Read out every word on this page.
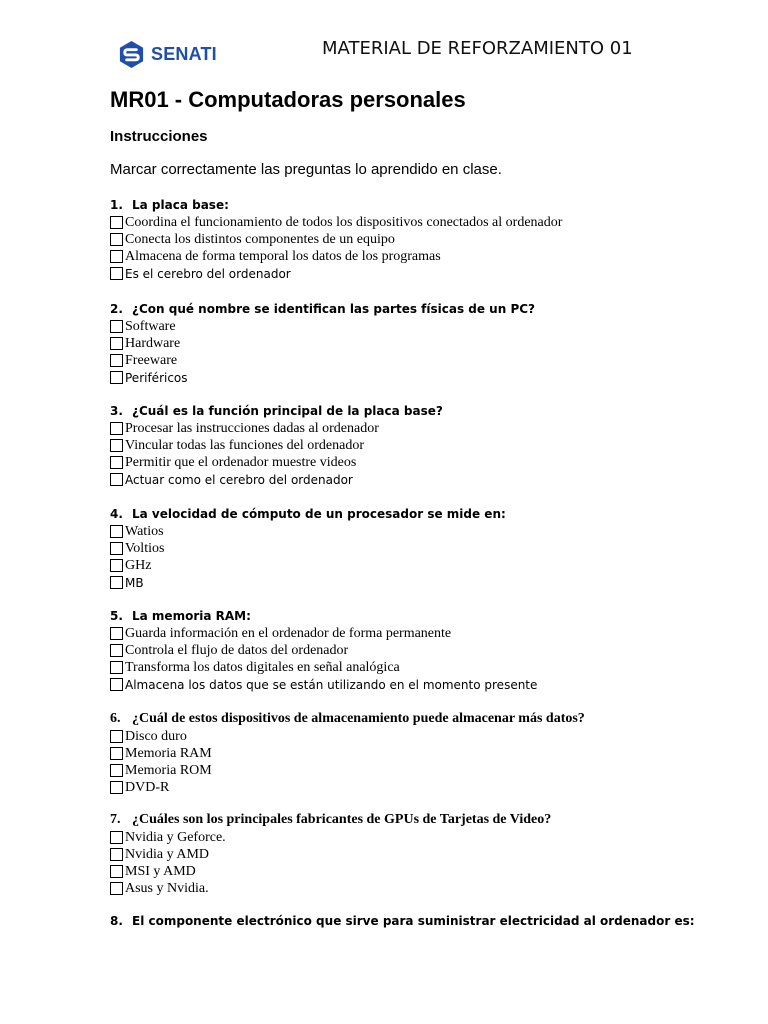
SENATI	MATERIAL DE REFORZAMIENTO 01
MR01 - Computadoras personales
Instrucciones

Marcar correctamente las preguntas lo aprendido en clase.

1. La placa base:
Coordina el funcionamiento de todos los dispositivos conectados al ordenador
Conecta los distintos componentes de un equipo
Almacena de forma temporal los datos de los programas
Es el cerebro del ordenador
2. ¿Con qué nombre se identifican las partes físicas de un PC?
Software
Hardware
Freeware
Periféricos
3. ¿Cuál es la función principal de la placa base?
Procesar las instrucciones dadas al ordenador
Vincular todas las funciones del ordenador
Permitir que el ordenador muestre videos
Actuar como el cerebro del ordenador
4. La velocidad de cómputo de un procesador se mide en:
Watios
Voltios
GHz
MB
5. La memoria RAM:
Guarda información en el ordenador de forma permanente
Controla el flujo de datos del ordenador
Transforma los datos digitales en señal analógica
Almacena los datos que se están utilizando en el momento presente
6. ¿Cuál de estos dispositivos de almacenamiento puede almacenar más datos?
Disco duro
Memoria RAM
Memoria ROM
DVD-R
7. ¿Cuáles son los principales fabricantes de GPUs de Tarjetas de Video?
Nvidia y Geforce.
Nvidia y AMD
MSI y AMD
Asus y Nvidia.
8. El componente electrónico que sirve para suministrar electricidad al ordenador es:
